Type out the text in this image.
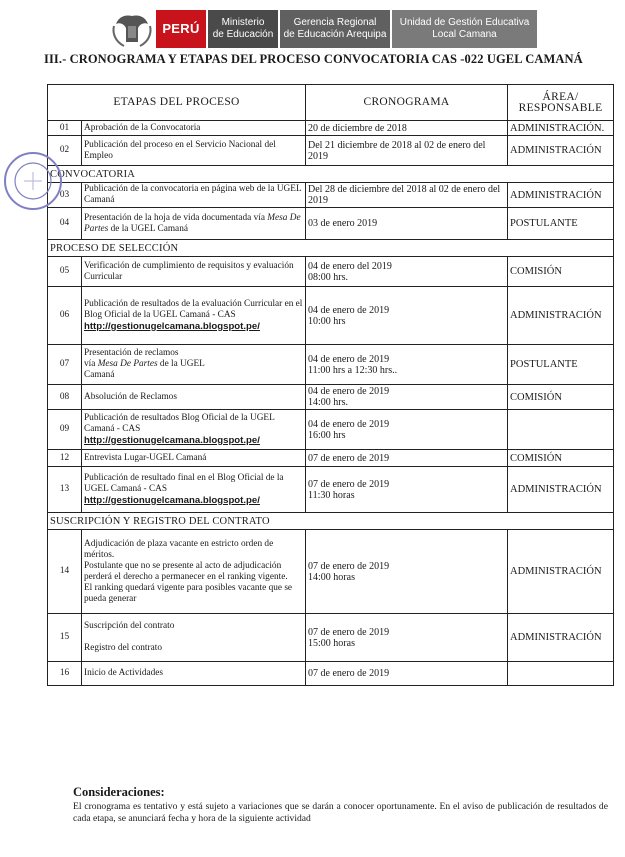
PERÚ	Ministerio
de Educación
Gerencia Regional
de Educación Arequipa
Unidad de Gestión Educativa
Local Camana
III.- CRONOGRAMA Y ETAPAS DEL PROCESO CONVOCATORIA CAS -022 UGEL CAMANÁ
ETAPAS DEL PROCESO		CRONOGRAMA	ÁREA/
RESPONSABLE
01	Aprobación de la Convocatoria	20 de diciembre de 2018	ADMINISTRACIÓN.
02	Publicación del proceso en el Servicio Nacional del Empleo	Del 21 diciembre de 2018 al 02 de enero del 2019	ADMINISTRACIÓN
CONVOCATORIA			
03	Publicación de la convocatoria en página web de la UGEL Camaná	Del 28 de diciembre del 2018 al 02 de enero del 2019	ADMINISTRACIÓN
04	Presentación de la hoja de vida documentada vía Mesa De Partes de la UGEL Camaná	03 de enero 2019	POSTULANTE
PROCESO DE SELECCIÓN			
05	Verificación de cumplimiento de requisitos y evaluación Curricular	04 de enero del 2019
08:00 hrs.	COMISIÓN
06	Publicación de resultados de la evaluación Curricular en el Blog Oficial de la UGEL Camaná - CAS
http://gestionugelcamana.blogspot.pe/	04 de enero de 2019
10:00 hrs	ADMINISTRACIÓN
07	Presentación de reclamos
vía Mesa De Partes de la UGEL
Camaná	04 de enero de 2019
11:00 hrs a 12:30 hrs..	POSTULANTE
08	Absolución de Reclamos	04 de enero de 2019
14:00 hrs.	COMISIÓN
09	Publicación de resultados Blog Oficial de la UGEL Camaná - CAS
http://gestionugelcamana.blogspot.pe/	04 de enero de 2019
16:00 hrs	
12	Entrevista Lugar-UGEL Camaná	07 de enero de 2019	COMISIÓN
13	Publicación de resultado final en el Blog Oficial de la UGEL Camaná - CAS
http://gestionugelcamana.blogspot.pe/	07 de enero de 2019
11:30 horas	ADMINISTRACIÓN
SUSCRIPCIÓN Y REGISTRO DEL CONTRATO			
14	Adjudicación de plaza vacante en estricto orden de méritos.
Postulante que no se presente al acto de adjudicación perderá el derecho a permanecer en el ranking vigente.
El ranking quedará vigente para posibles vacante que se pueda generar	07 de enero de 2019
14:00 horas	ADMINISTRACIÓN
15	Suscripción del contrato

Registro del contrato	07 de enero de 2019
15:00 horas	ADMINISTRACIÓN
16	Inicio de Actividades	07 de enero de 2019	
Consideraciones:
El cronograma es tentativo y está sujeto a variaciones que se darán a conocer oportunamente. En el aviso de publicación de resultados de cada etapa, se anunciará fecha y hora de la siguiente actividad
